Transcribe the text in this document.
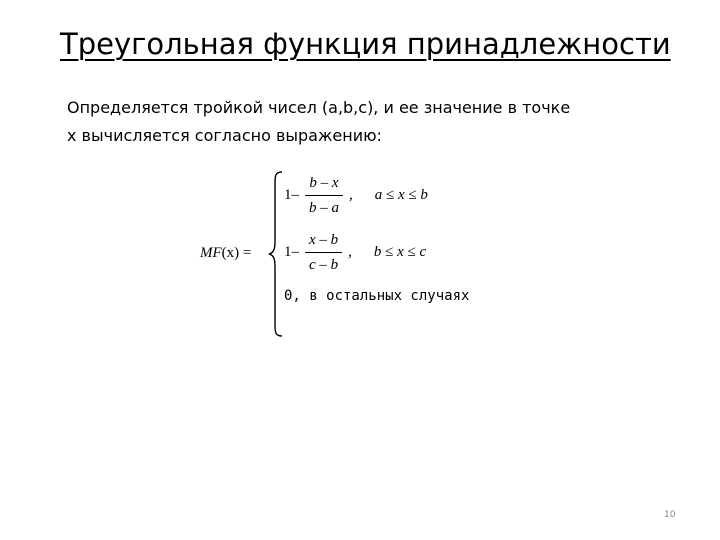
Треугольная функция принадлежности
Определяется тройкой чисел (a,b,c), и ее значение в точке
x вычисляется согласно выражению:
MF(x) =
$1- \frac{b - x}{b - a}$ , a ≤ x ≤ b
$1- \frac{x - b}{c - b}$ , b ≤ x ≤ c
0, в остальных случаях
10
